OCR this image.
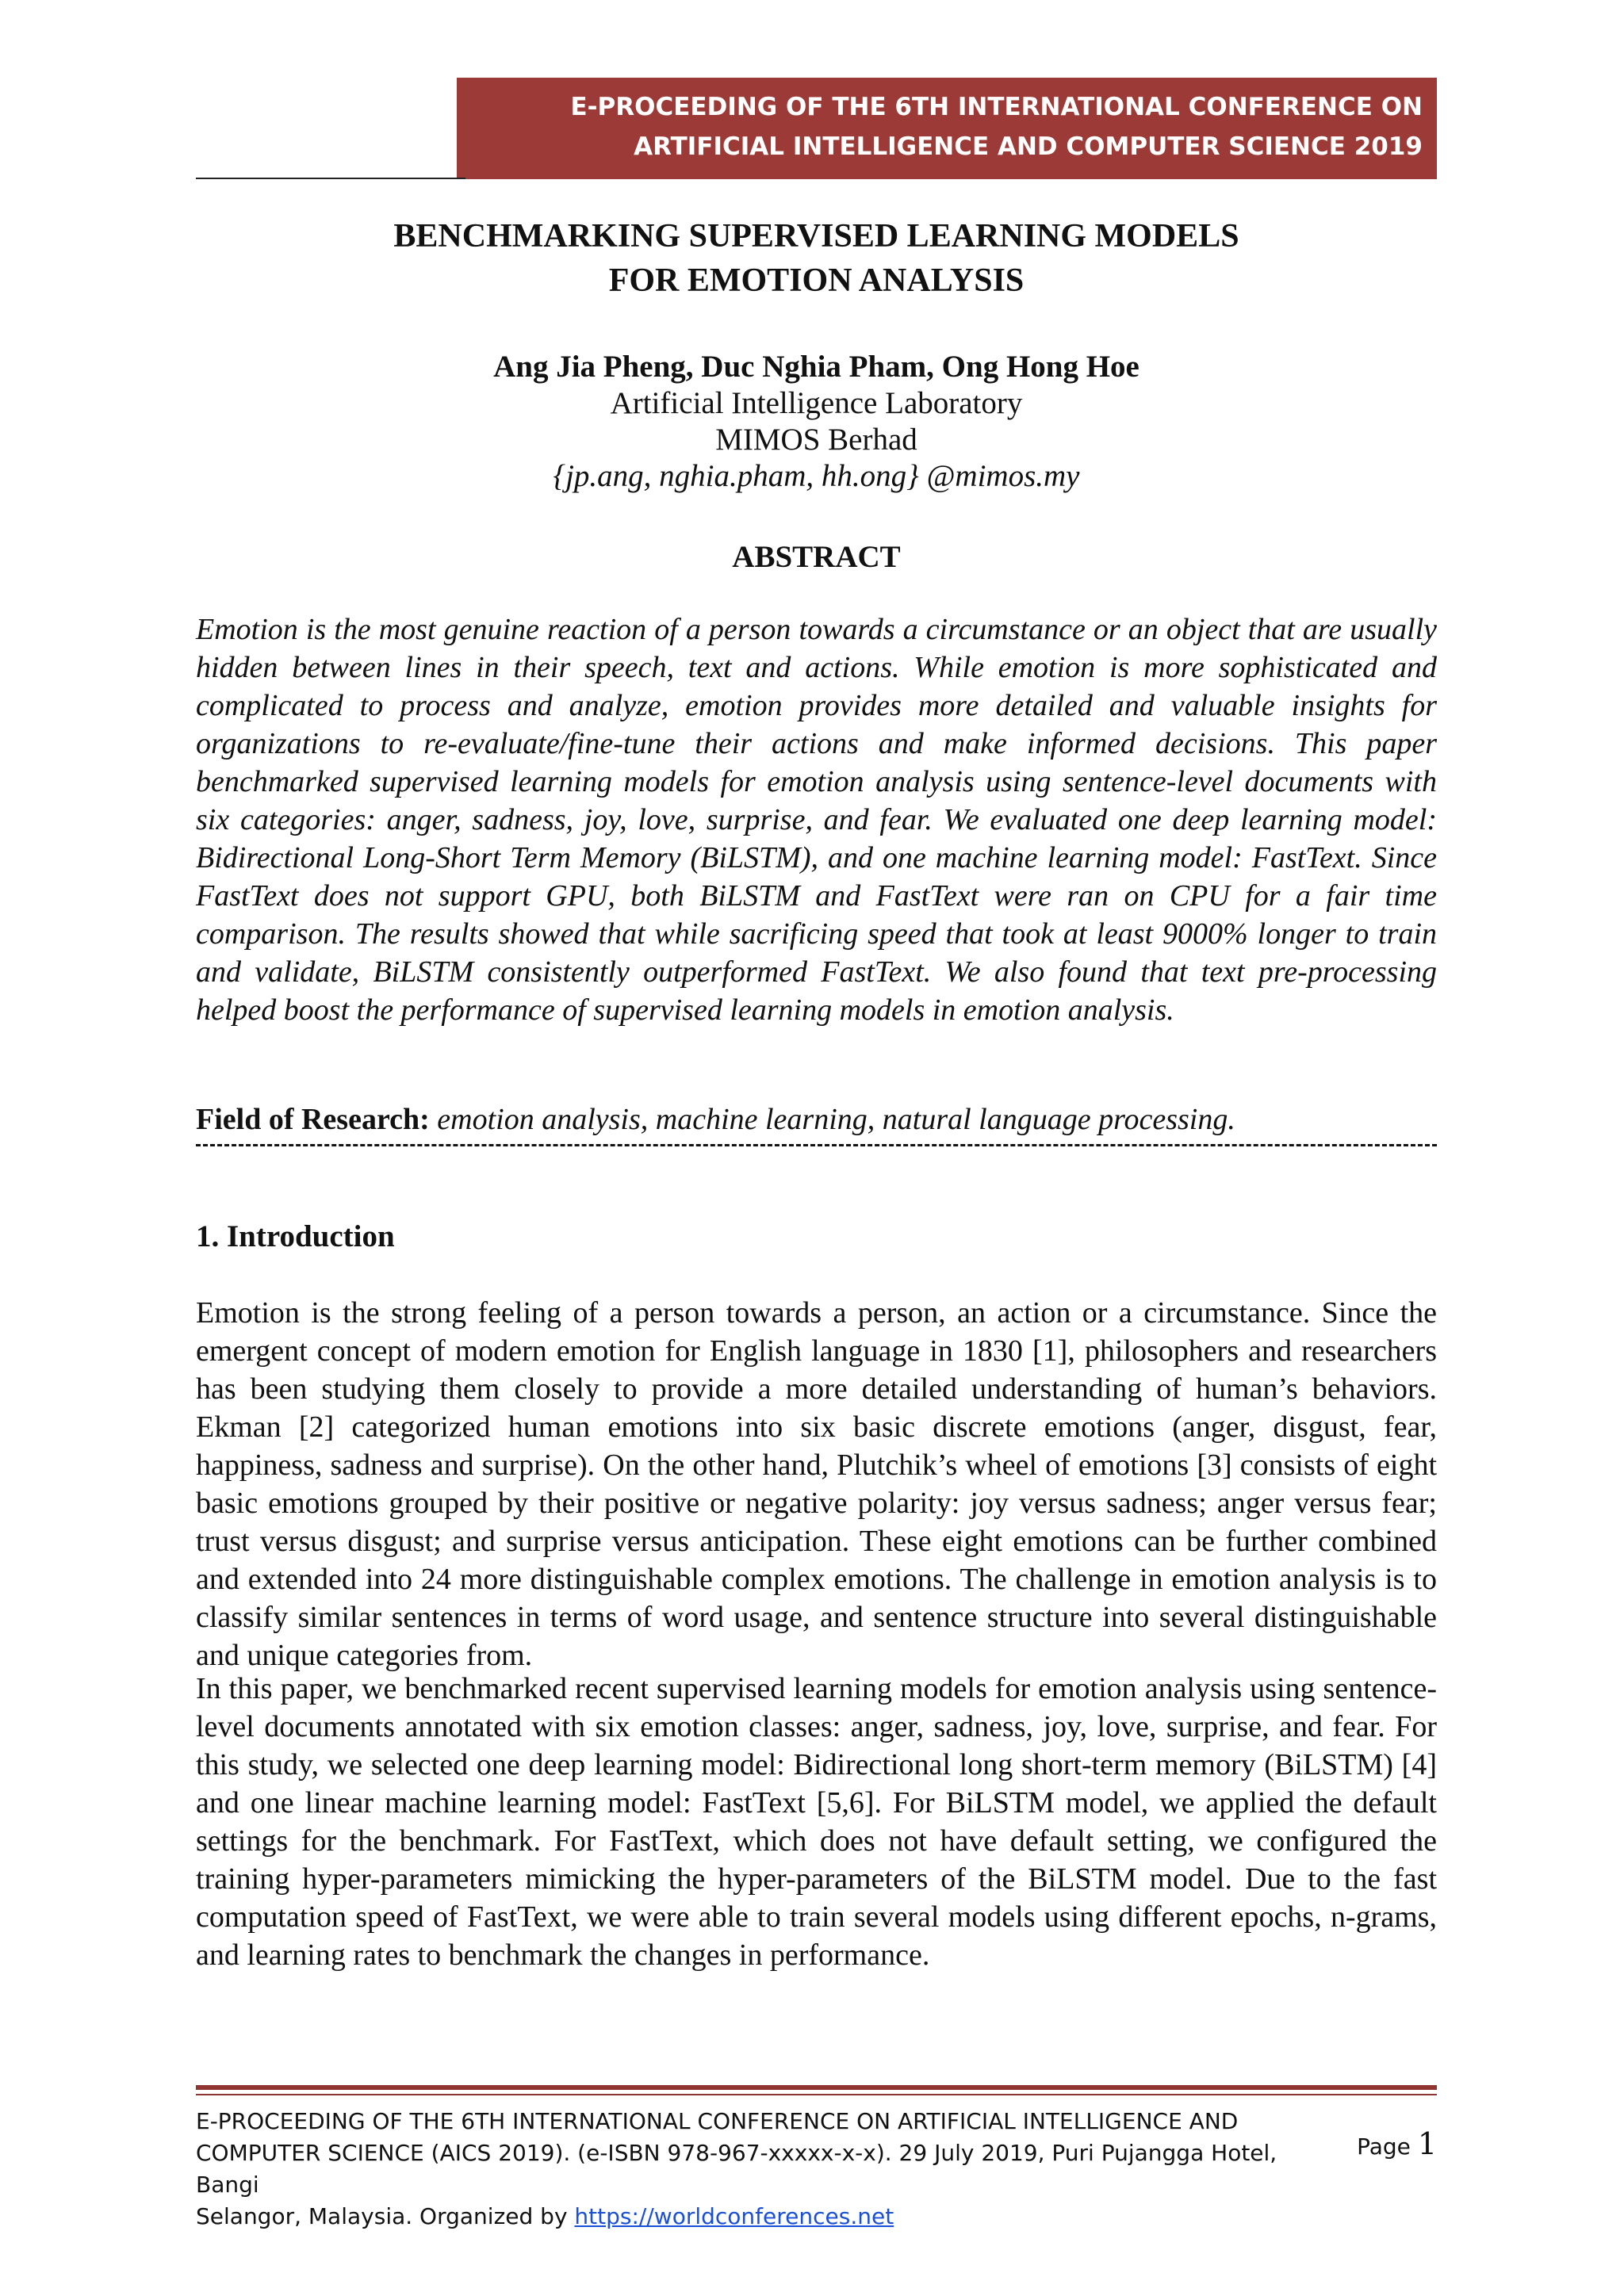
E-PROCEEDING OF THE 6TH INTERNATIONAL CONFERENCE ON
ARTIFICIAL INTELLIGENCE AND COMPUTER SCIENCE 2019
BENCHMARKING SUPERVISED LEARNING MODELS
FOR EMOTION ANALYSIS
Ang Jia Pheng, Duc Nghia Pham, Ong Hong Hoe
Artificial Intelligence Laboratory
MIMOS Berhad
{jp.ang, nghia.pham, hh.ong} @mimos.my
ABSTRACT

Emotion is the most genuine reaction of a person towards a circumstance or an object that are usually hidden between lines in their speech, text and actions. While emotion is more sophisticated and complicated to process and analyze, emotion provides more detailed and valuable insights for organizations to re-evaluate/fine-tune their actions and make informed decisions. This paper benchmarked supervised learning models for emotion analysis using sentence-level documents with six categories: anger, sadness, joy, love, surprise, and fear. We evaluated one deep learning model: Bidirectional Long-Short Term Memory (BiLSTM), and one machine learning model: FastText. Since FastText does not support GPU, both BiLSTM and FastText were ran on CPU for a fair time comparison. The results showed that while sacrificing speed that took at least 9000% longer to train and validate, BiLSTM consistently outperformed FastText. We also found that text pre-processing helped boost the performance of supervised learning models in emotion analysis.

Field of Research: emotion analysis, machine learning, natural language processing.
1. Introduction

Emotion is the strong feeling of a person towards a person, an action or a circumstance. Since the emergent concept of modern emotion for English language in 1830 [1], philosophers and researchers has been studying them closely to provide a more detailed understanding of human’s behaviors. Ekman [2] categorized human emotions into six basic discrete emotions (anger, disgust, fear, happiness, sadness and surprise). On the other hand, Plutchik’s wheel of emotions [3] consists of eight basic emotions grouped by their positive or negative polarity: joy versus sadness; anger versus fear; trust versus disgust; and surprise versus anticipation. These eight emotions can be further combined and extended into 24 more distinguishable complex emotions. The challenge in emotion analysis is to classify similar sentences in terms of word usage, and sentence structure into several distinguishable and unique categories from.

In this paper, we benchmarked recent supervised learning models for emotion analysis using sentence-level documents annotated with six emotion classes: anger, sadness, joy, love, surprise, and fear. For this study, we selected one deep learning model: Bidirectional long short-term memory (BiLSTM) [4] and one linear machine learning model: FastText [5,6]. For BiLSTM model, we applied the default settings for the benchmark. For FastText, which does not have default setting, we configured the training hyper-parameters mimicking the hyper-parameters of the BiLSTM model. Due to the fast computation speed of FastText, we were able to train several models using different epochs, n-grams, and learning rates to benchmark the changes in performance.

E-PROCEEDING OF THE 6TH INTERNATIONAL CONFERENCE ON ARTIFICIAL INTELLIGENCE AND
COMPUTER SCIENCE (AICS 2019). (e-ISBN 978-967-xxxxx-x-x). 29 July 2019, Puri Pujangga Hotel, Bangi
Selangor, Malaysia. Organized by https://worldconferences.net
Page 1
